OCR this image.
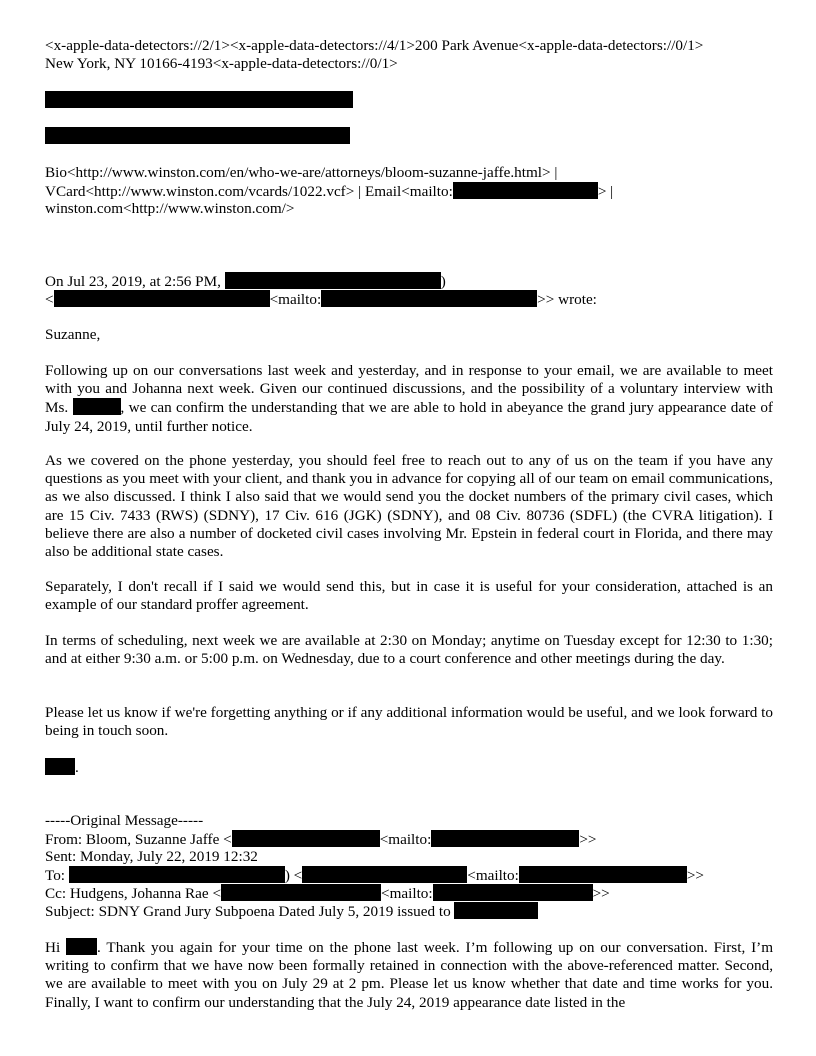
<x-apple-data-detectors://2/1><x-apple-data-detectors://4/1>200 Park Avenue<x-apple-data-detectors://0/1>

New York, NY 10166-4193<x-apple-data-detectors://0/1>

Bio<http://www.winston.com/en/who-we-are/attorneys/bloom-suzanne-jaffe.html> |

VCard<http://www.winston.com/vcards/1022.vcf> | Email<mailto:	> |

winston.com<http://www.winston.com/>

On Jul 23, 2019, at 2:56 PM,	)

<	<mailto:	>> wrote:

Suzanne,

Following up on our conversations last week and yesterday, and in response to your email, we are available to meet with you and Johanna next week. Given our continued discussions, and the possibility of a voluntary interview with Ms.	, we can confirm the understanding that we are able to hold in abeyance the grand jury appearance date of July 24, 2019, until further notice.

As we covered on the phone yesterday, you should feel free to reach out to any of us on the team if you have any questions as you meet with your client, and thank you in advance for copying all of our team on email communications, as we also discussed. I think I also said that we would send you the docket numbers of the primary civil cases, which are 15 Civ. 7433 (RWS) (SDNY), 17 Civ. 616 (JGK) (SDNY), and 08 Civ. 80736 (SDFL) (the CVRA litigation). I believe there are also a number of docketed civil cases involving Mr. Epstein in federal court in Florida, and there may also be additional state cases.

Separately, I don't recall if I said we would send this, but in case it is useful for your consideration, attached is an example of our standard proffer agreement.

In terms of scheduling, next week we are available at 2:30 on Monday; anytime on Tuesday except for 12:30 to 1:30; and at either 9:30 a.m. or 5:00 p.m. on Wednesday, due to a court conference and other meetings during the day.

Please let us know if we're forgetting anything or if any additional information would be useful, and we look forward to being in touch soon.

.

-----Original Message-----

From: Bloom, Suzanne Jaffe <	<mailto:	>>

Sent: Monday, July 22, 2019 12:32

To:	) <	<mailto:	>>

Cc: Hudgens, Johanna Rae <	<mailto:	>>

Subject: SDNY Grand Jury Subpoena Dated July 5, 2019 issued to

Hi . Thank you again for your time on the phone last week. I’m following up on our conversation. First, I’m writing to confirm that we have now been formally retained in connection with the above-referenced matter. Second, we are available to meet with you on July 29 at 2 pm. Please let us know whether that date and time works for you. Finally, I want to confirm our understanding that the July 24, 2019 appearance date listed in the
